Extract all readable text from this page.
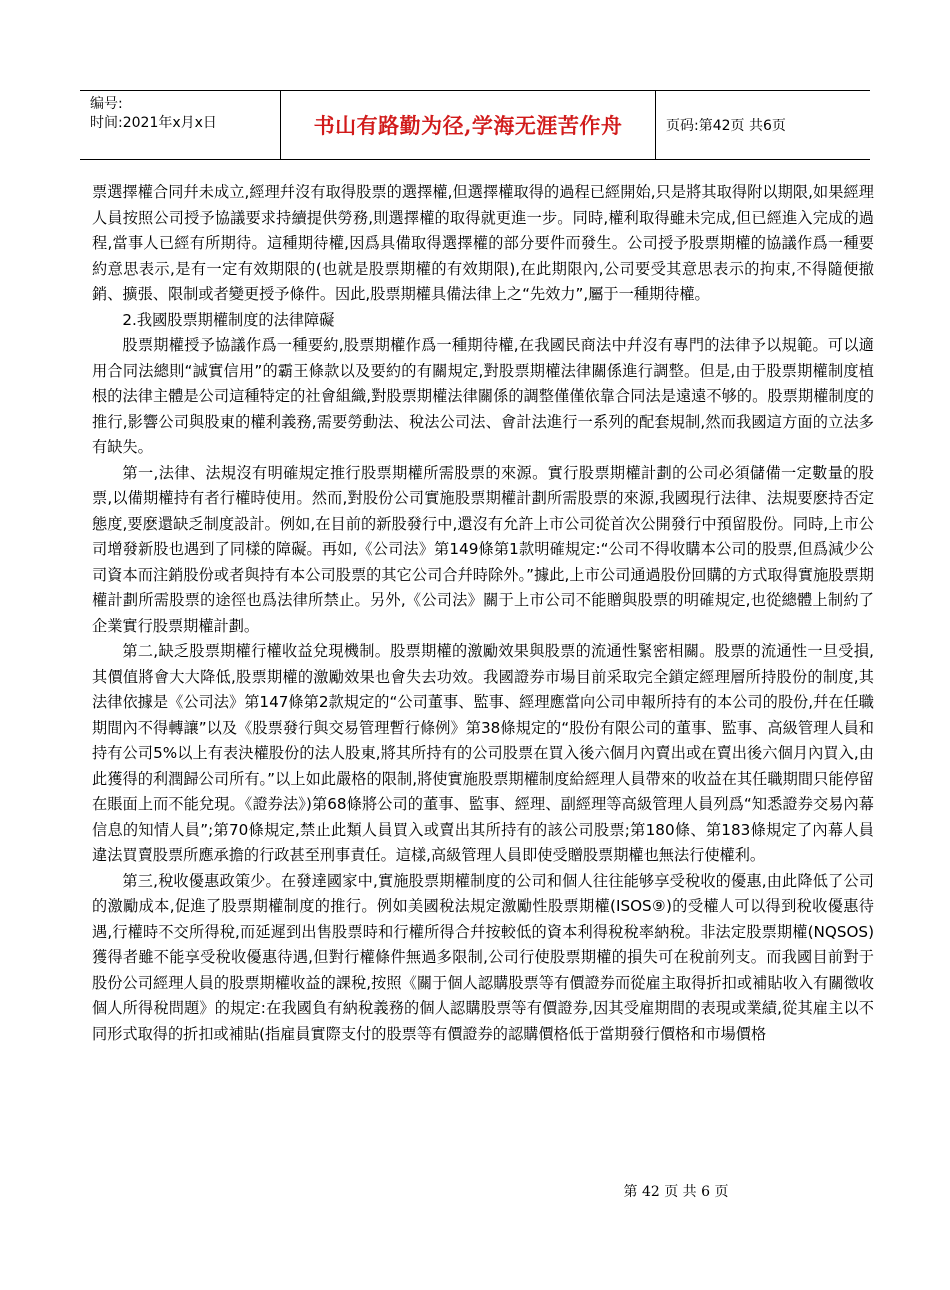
编号:
时间:2021年x月x日	书山有路勤为径,学海无涯苦作舟	页码:第42页 共6页

票選擇權合同幷未成立,經理幷沒有取得股票的選擇權,但選擇權取得的過程已經開始,只是將其取得附以期限,如果經理人員按照公司授予協議要求持續提供勞務,則選擇權的取得就更進一步。同時,權利取得雖未完成,但已經進入完成的過程,當事人已經有所期待。這種期待權,因爲具備取得選擇權的部分要件而發生。公司授予股票期權的協議作爲一種要約意思表示,是有一定有效期限的(也就是股票期權的有效期限),在此期限內,公司要受其意思表示的拘束,不得隨便撤銷、擴張、限制或者變更授予條件。因此,股票期權具備法律上之“先效力”,屬于一種期待權。

2.我國股票期權制度的法律障礙

股票期權授予協議作爲一種要約,股票期權作爲一種期待權,在我國民商法中幷沒有專門的法律予以規範。可以適用合同法總則“誠實信用”的霸王條款以及要約的有關規定,對股票期權法律關係進行調整。但是,由于股票期權制度植根的法律主體是公司這種特定的社會組織,對股票期權法律關係的調整僅僅依靠合同法是遠遠不够的。股票期權制度的推行,影響公司與股東的權利義務,需要勞動法、稅法公司法、會計法進行一系列的配套規制,然而我國這方面的立法多有缺失。

第一,法律、法規沒有明確規定推行股票期權所需股票的來源。實行股票期權計劃的公司必須儲備一定數量的股票,以備期權持有者行權時使用。然而,對股份公司實施股票期權計劃所需股票的來源,我國現行法律、法規要麽持否定態度,要麽還缺乏制度設計。例如,在目前的新股發行中,還沒有允許上市公司從首次公開發行中預留股份。同時,上市公司增發新股也遇到了同樣的障礙。再如,《公司法》第149條第1款明確規定:“公司不得收購本公司的股票,但爲減少公司資本而注銷股份或者與持有本公司股票的其它公司合幷時除外。”據此,上市公司通過股份回購的方式取得實施股票期權計劃所需股票的途徑也爲法律所禁止。另外,《公司法》關于上市公司不能贈與股票的明確規定,也從總體上制約了企業實行股票期權計劃。

第二,缺乏股票期權行權收益兌現機制。股票期權的激勵效果與股票的流通性緊密相關。股票的流通性一旦受損,其價值將會大大降低,股票期權的激勵效果也會失去功效。我國證券市場目前采取完全鎖定經理層所持股份的制度,其法律依據是《公司法》第147條第2款規定的“公司董事、監事、經理應當向公司申報所持有的本公司的股份,幷在任職期間內不得轉讓”以及《股票發行與交易管理暫行條例》第38條規定的“股份有限公司的董事、監事、高級管理人員和持有公司5%以上有表決權股份的法人股東,將其所持有的公司股票在買入後六個月內賣出或在賣出後六個月內買入,由此獲得的利潤歸公司所有。”以上如此嚴格的限制,將使實施股票期權制度給經理人員帶來的收益在其任職期間只能停留在賬面上而不能兌現。《證券法》)第68條將公司的董事、監事、經理、副經理等高級管理人員列爲“知悉證券交易內幕信息的知情人員”;第70條規定,禁止此類人員買入或賣出其所持有的該公司股票;第180條、第183條規定了內幕人員違法買賣股票所應承擔的行政甚至刑事責任。這樣,高級管理人員即使受贈股票期權也無法行使權利。

第三,稅收優惠政策少。在發達國家中,實施股票期權制度的公司和個人往往能够享受稅收的優惠,由此降低了公司的激勵成本,促進了股票期權制度的推行。例如美國稅法規定激勵性股票期權(ISOS⑨)的受權人可以得到稅收優惠待遇,行權時不交所得稅,而延遲到出售股票時和行權所得合幷按較低的資本利得稅稅率納稅。非法定股票期權(NQSOS)獲得者雖不能享受稅收優惠待遇,但對行權條件無過多限制,公司行使股票期權的損失可在稅前列支。而我國目前對于股份公司經理人員的股票期權收益的課稅,按照《關于個人認購股票等有價證券而從雇主取得折扣或補貼收入有關徵收個人所得稅問題》的規定:在我國負有納稅義務的個人認購股票等有價證券,因其受雇期間的表現或業績,從其雇主以不同形式取得的折扣或補貼(指雇員實際支付的股票等有價證券的認購價格低于當期發行價格和市場價格

第 42 页 共 6 页
